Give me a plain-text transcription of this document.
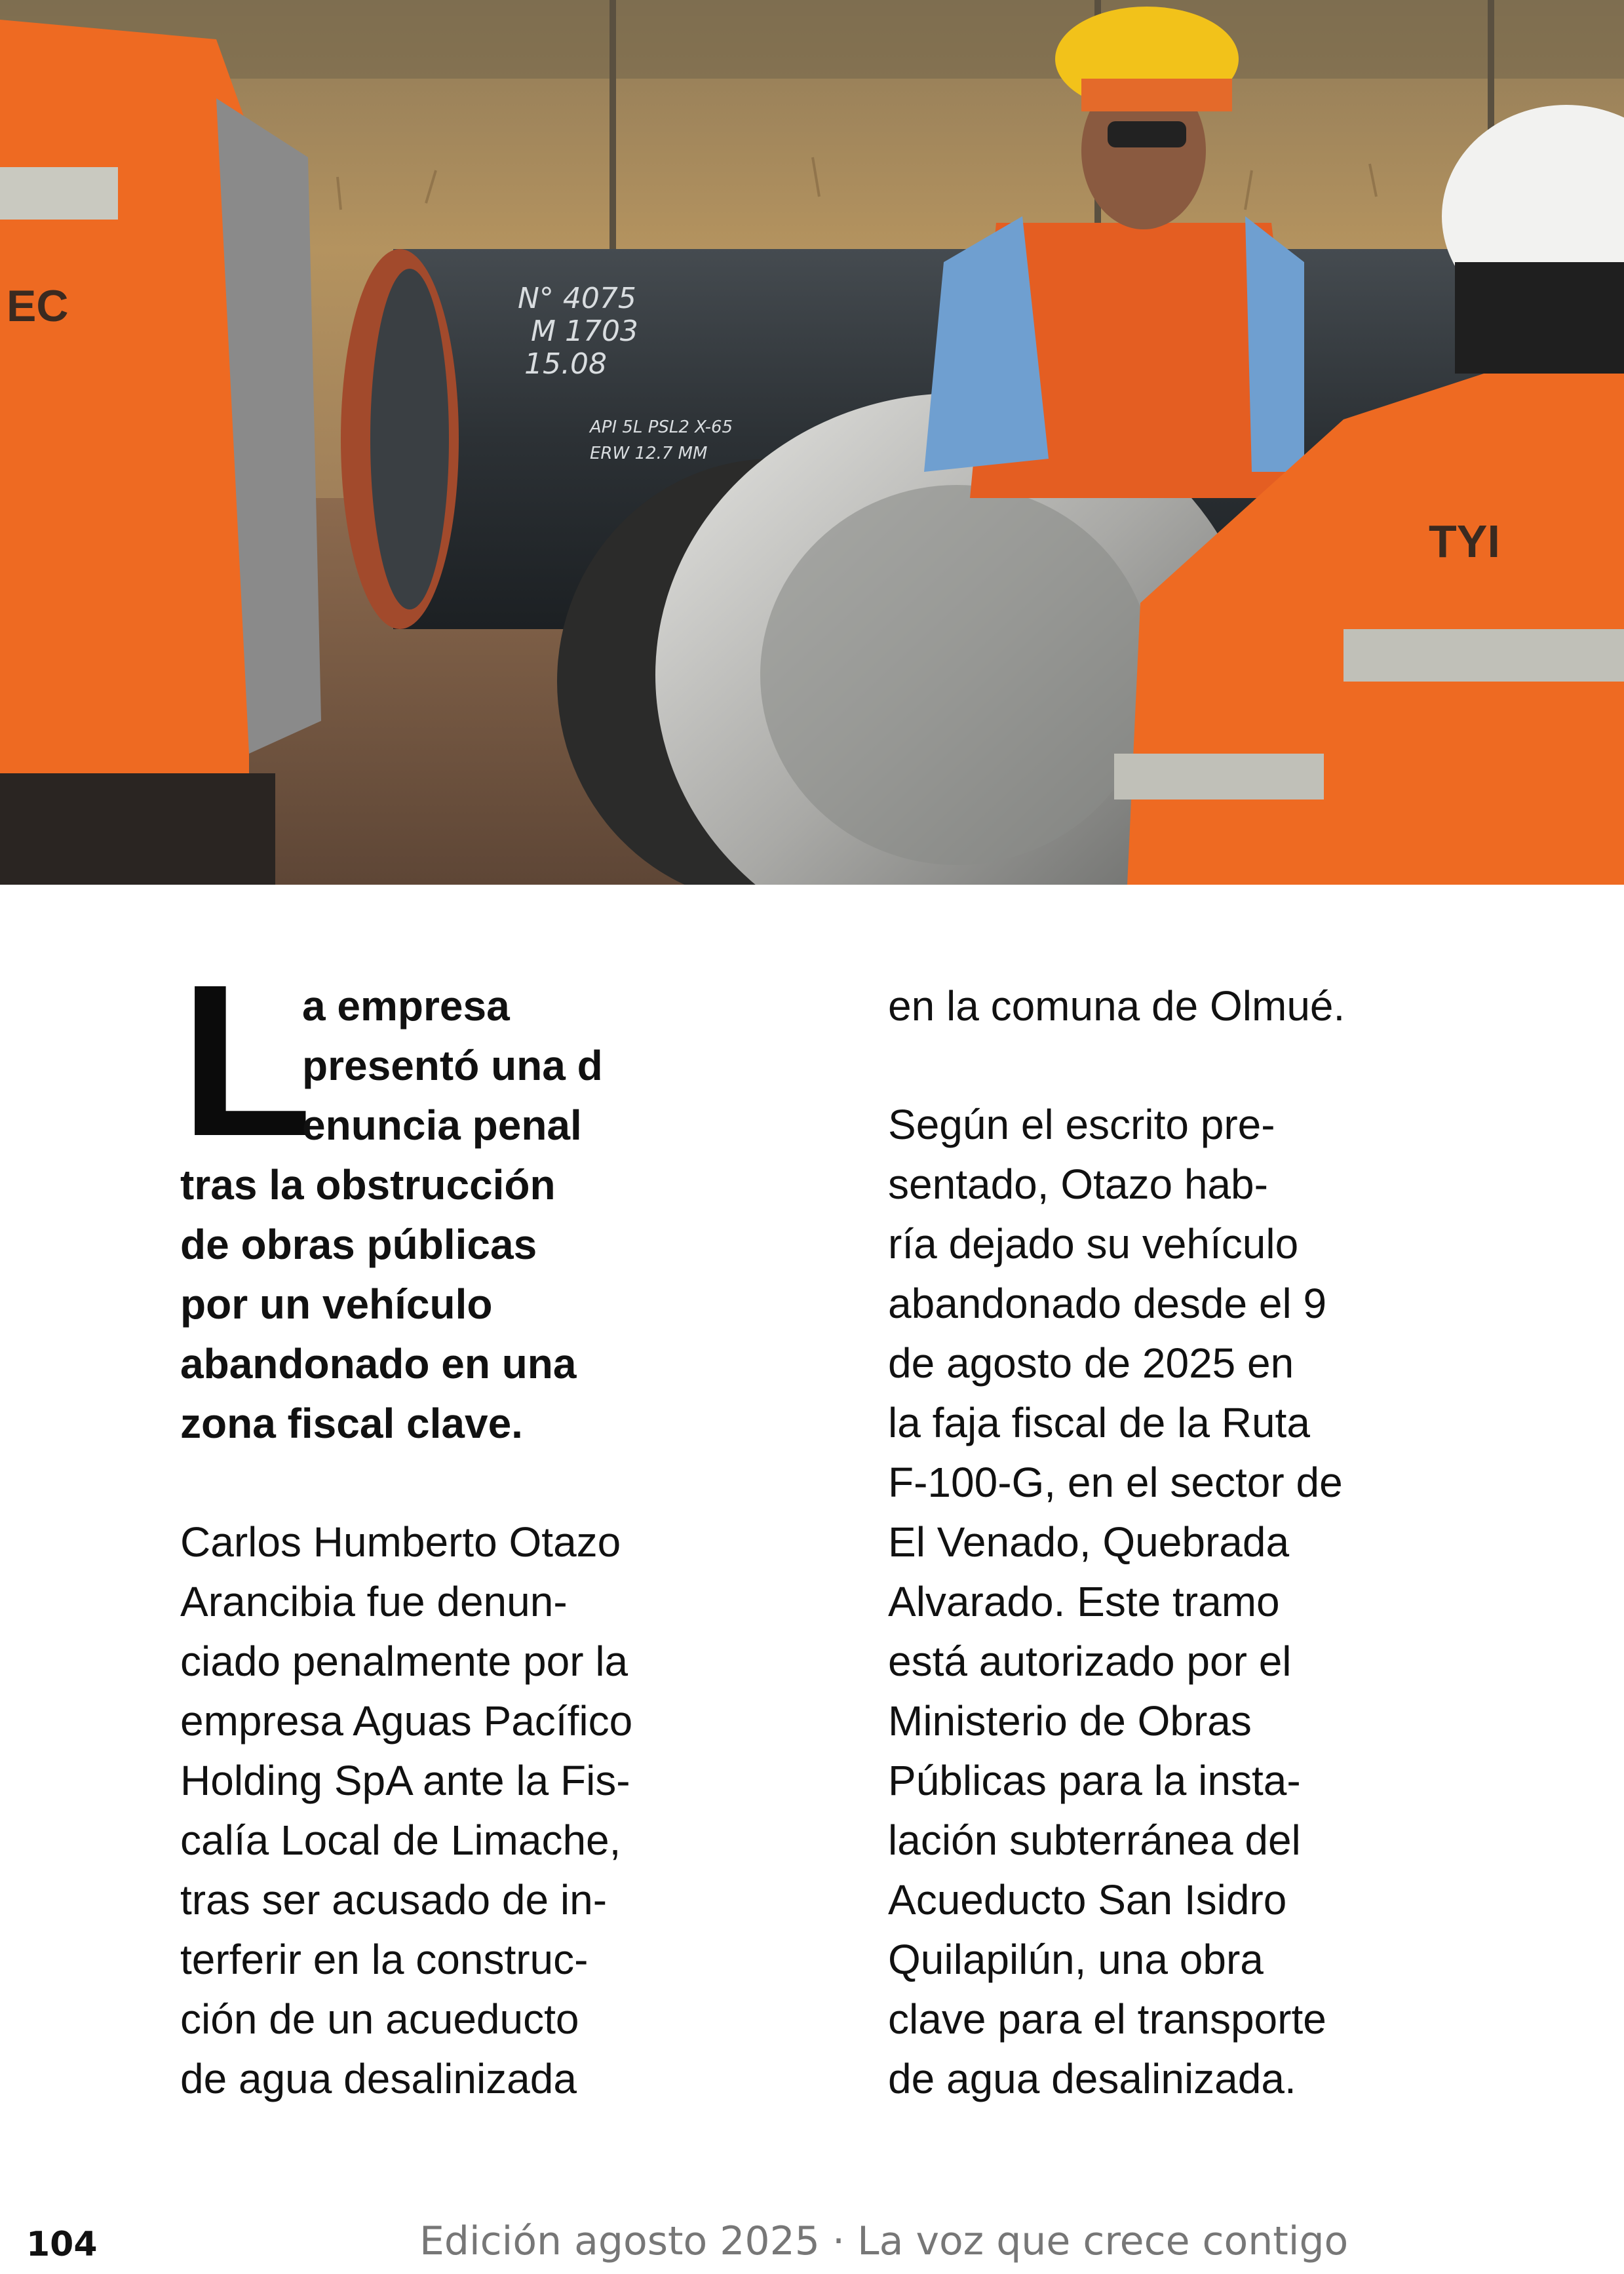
N° 4075
M 1703
15.08
API 5L PSL2 X-65
ERW 12.7 MM
EC
TYI
L

a empresa
presentó una d
enuncia penal
tras la obstrucción
de obras públicas
por un vehículo
abandonado en una
zona fiscal clave.

Carlos Humberto Otazo
Arancibia fue denun-
ciado penalmente por la
empresa Aguas Pacífico
Holding SpA ante la Fis-
calía Local de Limache,
tras ser acusado de in-
terferir en la construc-
ción de un acueducto
de agua desalinizada

en la comuna de Olmué.

Según el escrito pre-
sentado, Otazo hab-
ría dejado su vehículo
abandonado desde el 9
de agosto de 2025 en
la faja fiscal de la Ruta
F-100-G, en el sector de
El Venado, Quebrada
Alvarado. Este tramo
está autorizado por el
Ministerio de Obras
Públicas para la insta-
lación subterránea del
Acueducto San Isidro
Quilapilún, una obra
clave para el transporte
de agua desalinizada.

104	Edición agosto 2025 · La voz que crece contigo
